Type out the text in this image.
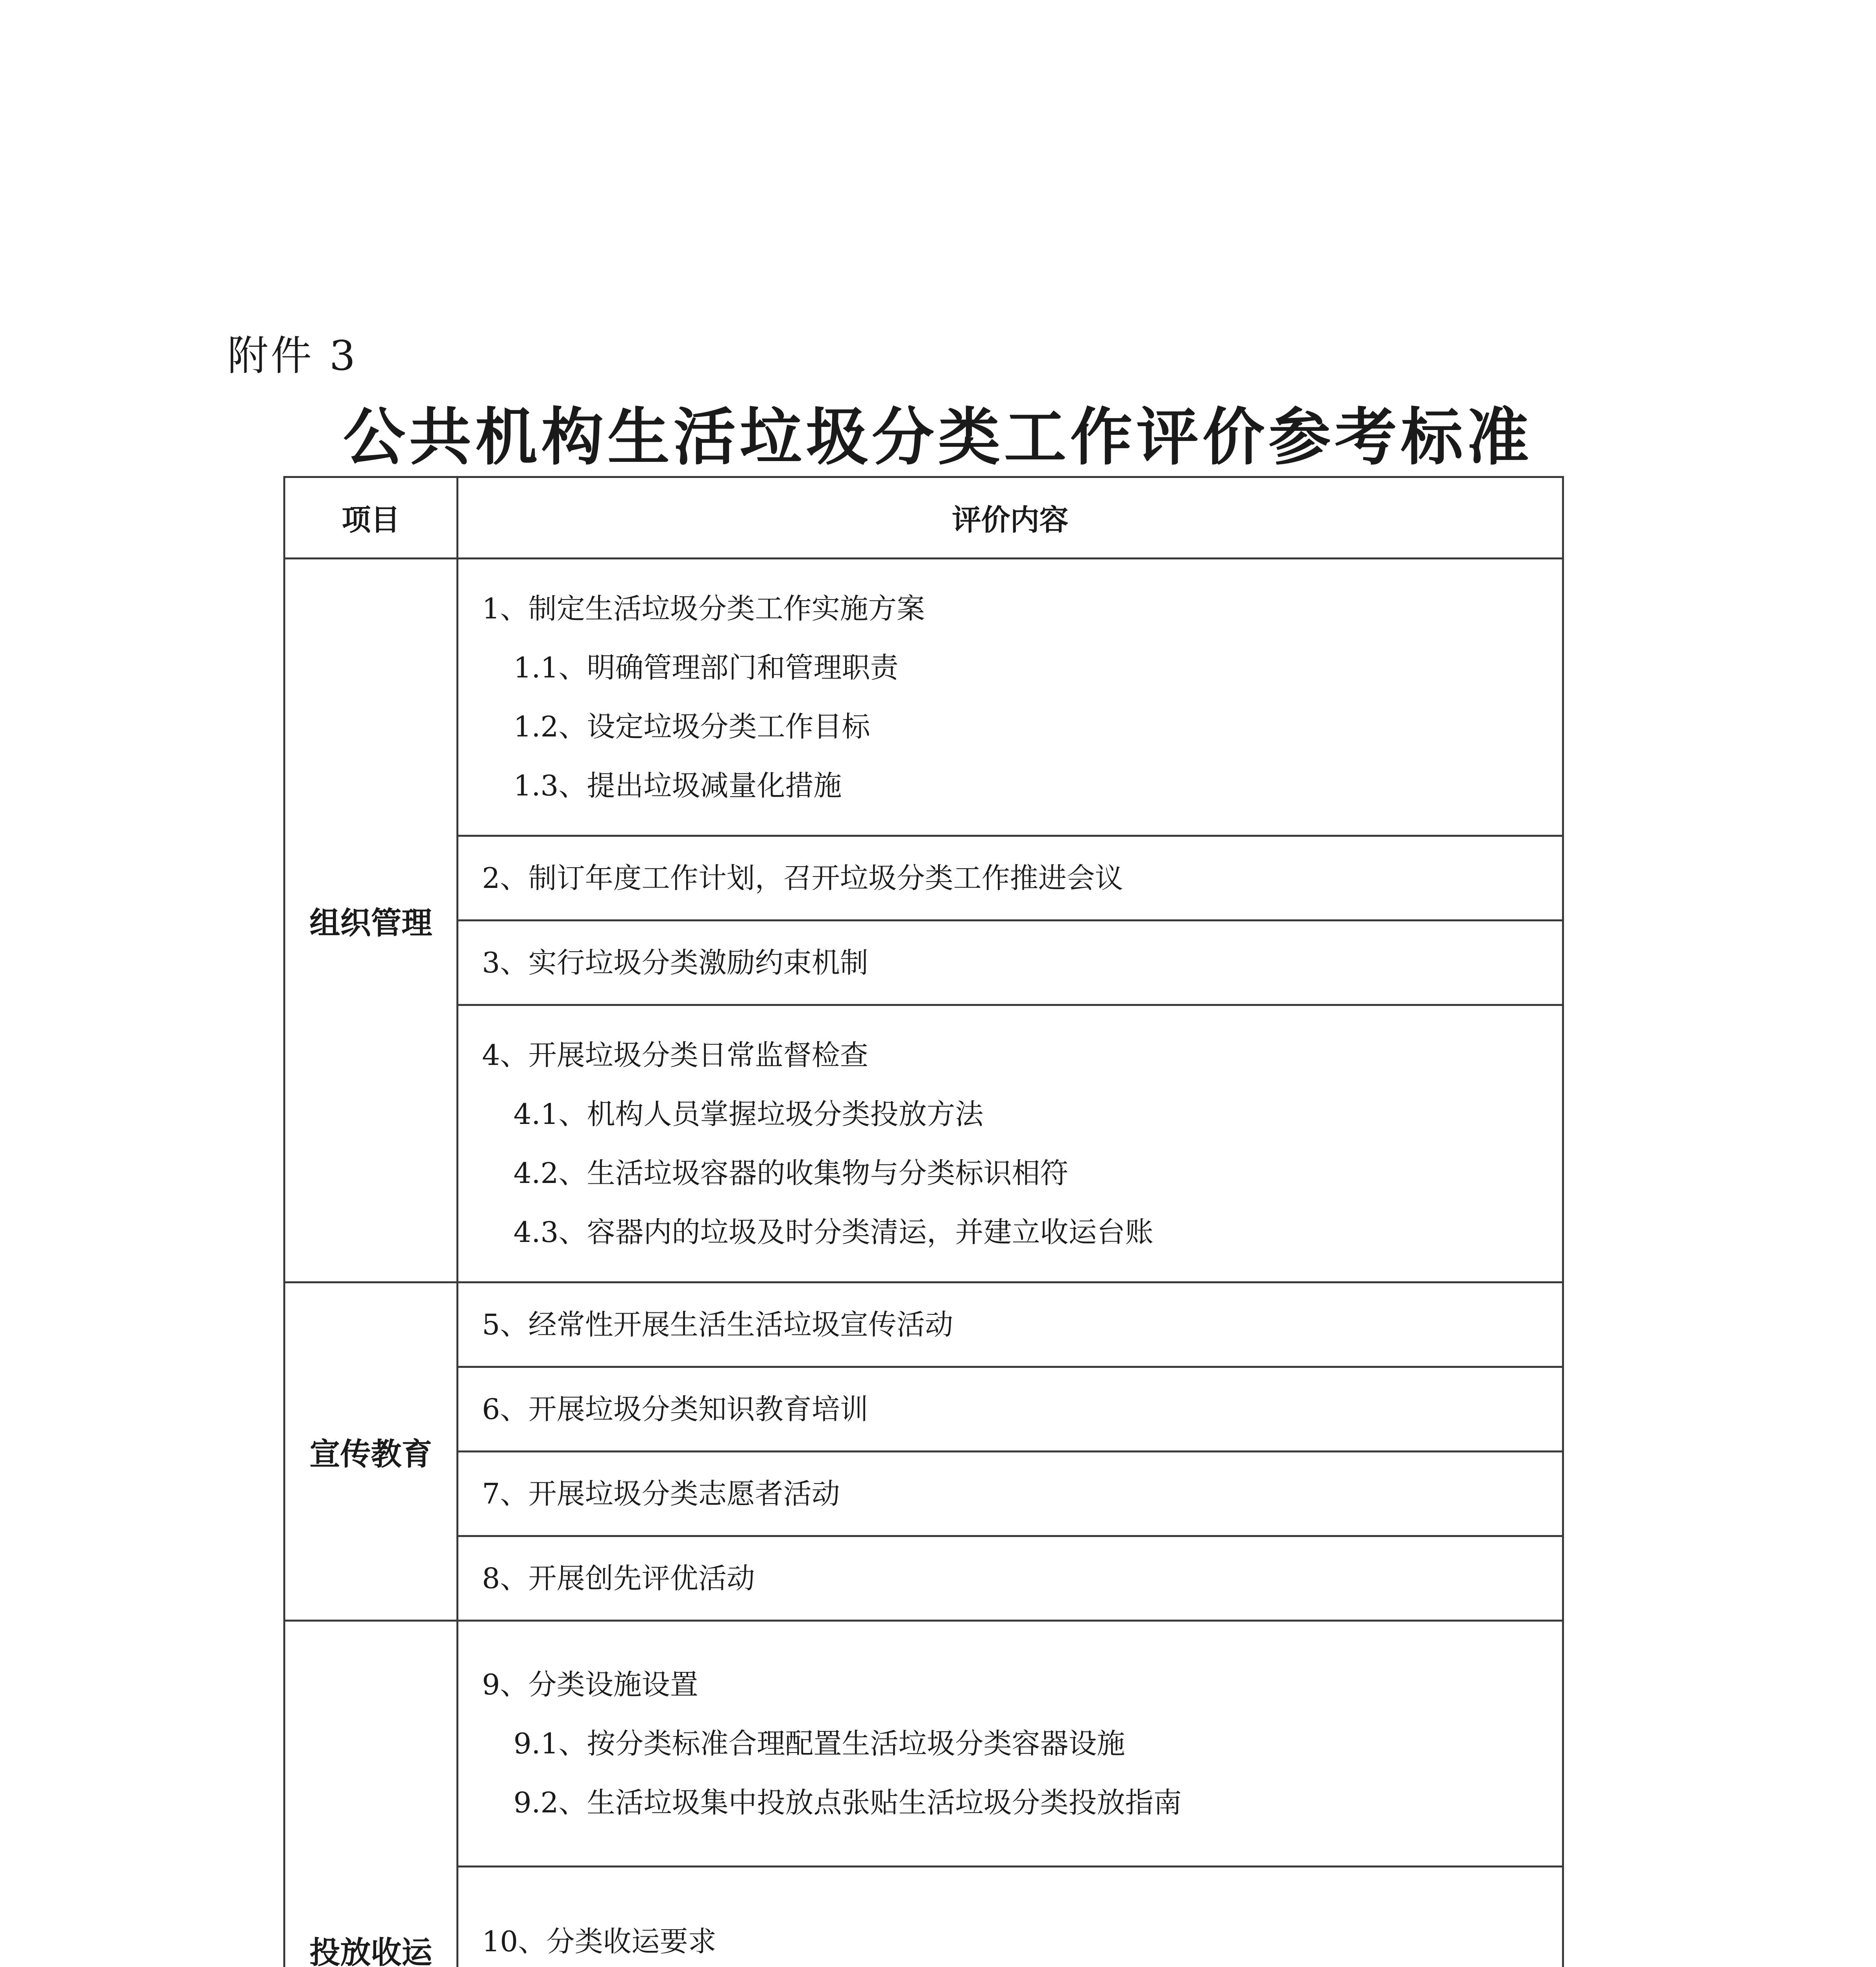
附件 3
公共机构生活垃圾分类工作评价参考标准
项目	评价内容
组织管理	1、制定生活垃圾分类工作实施方案
1.1、明确管理部门和管理职责
1.2、设定垃圾分类工作目标
1.3、提出垃圾减量化措施

	2、制订年度工作计划，召开垃圾分类工作推进会议

	3、实行垃圾分类激励约束机制

	4、开展垃圾分类日常监督检查
4.1、机构人员掌握垃圾分类投放方法
4.2、生活垃圾容器的收集物与分类标识相符
4.3、容器内的垃圾及时分类清运，并建立收运台账

宣传教育	5、经常性开展生活生活垃圾宣传活动

	6、开展垃圾分类知识教育培训

	7、开展垃圾分类志愿者活动

	8、开展创先评优活动

投放收运	9、分类设施设置
9.1、按分类标准合理配置生活垃圾分类容器设施
9.2、生活垃圾集中投放点张贴生活垃圾分类投放指南

	10、分类收运要求
